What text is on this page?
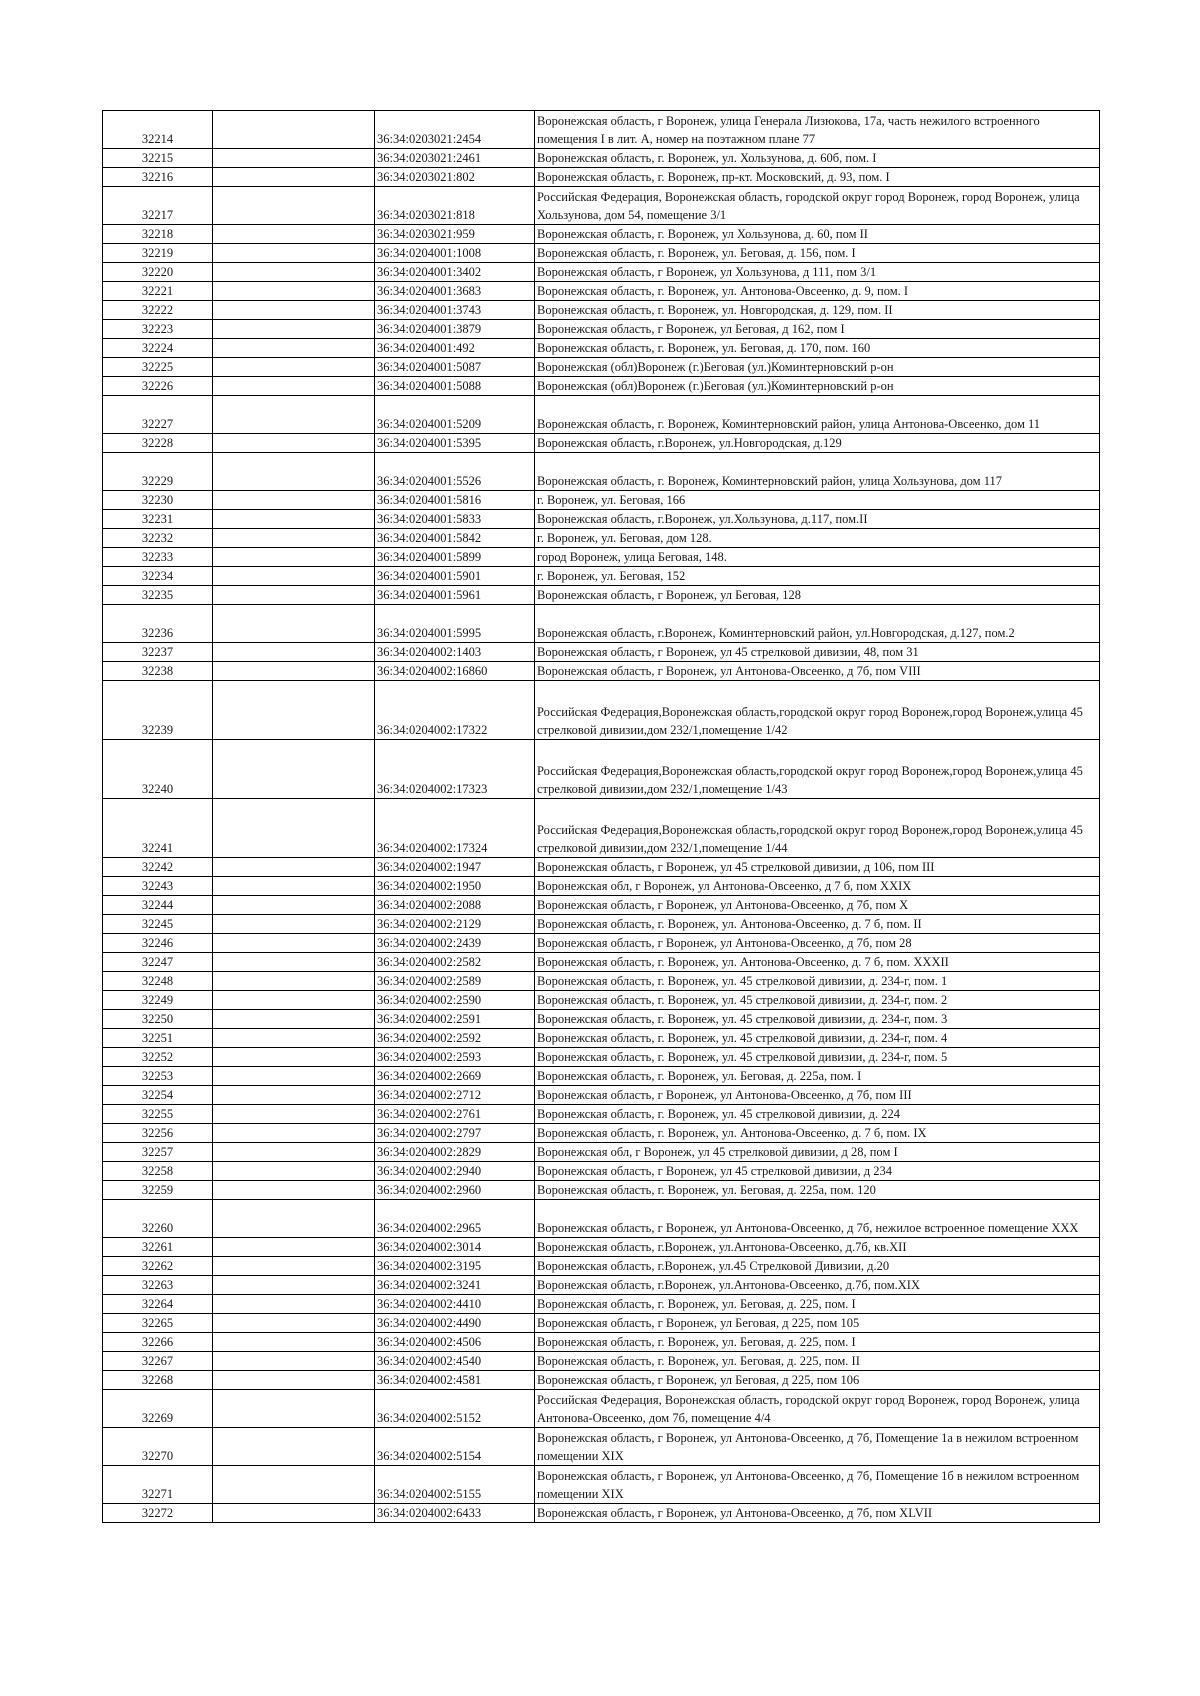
32214		36:34:0203021:2454	Воронежская область, г Воронеж, улица Генерала Лизюкова, 17а, часть нежилого встроенного помещения I в лит. А, номер на поэтажном плане 77
32215		36:34:0203021:2461	Воронежская область, г. Воронеж, ул. Хользунова, д. 60б, пом. I
32216		36:34:0203021:802	Воронежская область, г. Воронеж, пр-кт. Московский, д. 93, пом. I
32217		36:34:0203021:818	Российская Федерация, Воронежская область, городской округ город Воронеж, город Воронеж, улица Хользунова, дом 54, помещение 3/1
32218		36:34:0203021:959	Воронежская область, г. Воронеж, ул Хользунова, д. 60, пом II
32219		36:34:0204001:1008	Воронежская область, г. Воронеж, ул. Беговая, д. 156, пом. I
32220		36:34:0204001:3402	Воронежская область, г Воронеж, ул Хользунова, д 111, пом 3/1
32221		36:34:0204001:3683	Воронежская область, г. Воронеж, ул. Антонова-Овсеенко, д. 9, пом. I
32222		36:34:0204001:3743	Воронежская область, г. Воронеж, ул. Новгородская, д. 129, пом. II
32223		36:34:0204001:3879	Воронежская область, г Воронеж, ул Беговая, д 162, пом I
32224		36:34:0204001:492	Воронежская область, г. Воронеж, ул. Беговая, д. 170, пом. 160
32225		36:34:0204001:5087	Воронежская (обл)Воронеж (г.)Беговая (ул.)Коминтерновский р-он
32226		36:34:0204001:5088	Воронежская (обл)Воронеж (г.)Беговая (ул.)Коминтерновский р-он
32227		36:34:0204001:5209	Воронежская область, г. Воронеж, Коминтерновский район, улица Антонова-Овсеенко, дом 11
32228		36:34:0204001:5395	Воронежская область, г.Воронеж, ул.Новгородская, д.129
32229		36:34:0204001:5526	Воронежская область, г. Воронеж, Коминтерновский район, улица Хользунова, дом 117
32230		36:34:0204001:5816	г. Воронеж, ул. Беговая, 166
32231		36:34:0204001:5833	Воронежская область, г.Воронеж, ул.Хользунова, д.117, пом.II
32232		36:34:0204001:5842	г. Воронеж, ул. Беговая, дом 128.
32233		36:34:0204001:5899	город Воронеж, улица Беговая, 148.
32234		36:34:0204001:5901	г. Воронеж, ул. Беговая, 152
32235		36:34:0204001:5961	Воронежская область, г Воронеж, ул Беговая, 128
32236		36:34:0204001:5995	Воронежская область, г.Воронеж, Коминтерновский район, ул.Новгородская, д.127, пом.2
32237		36:34:0204002:1403	Воронежская область, г Воронеж, ул 45 стрелковой дивизии, 48, пом 31
32238		36:34:0204002:16860	Воронежская область, г Воронеж, ул Антонова-Овсеенко, д 7б, пом VIII
32239		36:34:0204002:17322	Российская Федерация,Воронежская область,городской округ город Воронеж,город Воронеж,улица 45 стрелковой дивизии,дом 232/1,помещение 1/42
32240		36:34:0204002:17323	Российская Федерация,Воронежская область,городской округ город Воронеж,город Воронеж,улица 45 стрелковой дивизии,дом 232/1,помещение 1/43
32241		36:34:0204002:17324	Российская Федерация,Воронежская область,городской округ город Воронеж,город Воронеж,улица 45 стрелковой дивизии,дом 232/1,помещение 1/44
32242		36:34:0204002:1947	Воронежская область, г Воронеж, ул 45 стрелковой дивизии, д 106, пом III
32243		36:34:0204002:1950	Воронежская обл, г Воронеж, ул Антонова-Овсеенко, д 7 б, пом XXIX
32244		36:34:0204002:2088	Воронежская область, г Воронеж, ул Антонова-Овсеенко, д 7б, пом X
32245		36:34:0204002:2129	Воронежская область, г. Воронеж, ул. Антонова-Овсеенко, д. 7 б, пом. II
32246		36:34:0204002:2439	Воронежская область, г Воронеж, ул Антонова-Овсеенко, д 7б, пом 28
32247		36:34:0204002:2582	Воронежская область, г. Воронеж, ул. Антонова-Овсеенко, д. 7 б, пом. XXXII
32248		36:34:0204002:2589	Воронежская область, г. Воронеж, ул. 45 стрелковой дивизии, д. 234-г, пом. 1
32249		36:34:0204002:2590	Воронежская область, г. Воронеж, ул. 45 стрелковой дивизии, д. 234-г, пом. 2
32250		36:34:0204002:2591	Воронежская область, г. Воронеж, ул. 45 стрелковой дивизии, д. 234-г, пом. 3
32251		36:34:0204002:2592	Воронежская область, г. Воронеж, ул. 45 стрелковой дивизии, д. 234-г, пом. 4
32252		36:34:0204002:2593	Воронежская область, г. Воронеж, ул. 45 стрелковой дивизии, д. 234-г, пом. 5
32253		36:34:0204002:2669	Воронежская область, г. Воронеж, ул. Беговая, д. 225а, пом. I
32254		36:34:0204002:2712	Воронежская область, г Воронеж, ул Антонова-Овсеенко, д 7б, пом III
32255		36:34:0204002:2761	Воронежская область, г. Воронеж, ул. 45 стрелковой дивизии, д. 224
32256		36:34:0204002:2797	Воронежская область, г. Воронеж, ул. Антонова-Овсеенко, д. 7 б, пом. IX
32257		36:34:0204002:2829	Воронежская обл, г Воронеж, ул 45 стрелковой дивизии, д 28, пом I
32258		36:34:0204002:2940	Воронежская область, г Воронеж, ул 45 стрелковой дивизии, д 234
32259		36:34:0204002:2960	Воронежская область, г. Воронеж, ул. Беговая, д. 225а, пом. 120
32260		36:34:0204002:2965	Воронежская область, г Воронеж, ул Антонова-Овсеенко, д 7б, нежилое встроенное помещение XXX
32261		36:34:0204002:3014	Воронежская область, г.Воронеж, ул.Антонова-Овсеенко, д.7б, кв.XII
32262		36:34:0204002:3195	Воронежская область, г.Воронеж, ул.45 Стрелковой Дивизии, д.20
32263		36:34:0204002:3241	Воронежская область, г.Воронеж, ул.Антонова-Овсеенко, д.7б, пом.XIX
32264		36:34:0204002:4410	Воронежская область, г. Воронеж, ул. Беговая, д. 225, пом. I
32265		36:34:0204002:4490	Воронежская область, г Воронеж, ул Беговая, д 225, пом 105
32266		36:34:0204002:4506	Воронежская область, г. Воронеж, ул. Беговая, д. 225, пом. I
32267		36:34:0204002:4540	Воронежская область, г. Воронеж, ул. Беговая, д. 225, пом. II
32268		36:34:0204002:4581	Воронежская область, г Воронеж, ул Беговая, д 225, пом 106
32269		36:34:0204002:5152	Российская Федерация, Воронежская область, городской округ город Воронеж, город Воронеж, улица Антонова-Овсеенко, дом 7б, помещение 4/4
32270		36:34:0204002:5154	Воронежская область, г Воронеж, ул Антонова-Овсеенко, д 7б, Помещение 1а в нежилом встроенном помещении XIX
32271		36:34:0204002:5155	Воронежская область, г Воронеж, ул Антонова-Овсеенко, д 7б, Помещение 1б в нежилом встроенном помещении XIX
32272		36:34:0204002:6433	Воронежская область, г Воронеж, ул Антонова-Овсеенко, д 7б, пом XLVII
